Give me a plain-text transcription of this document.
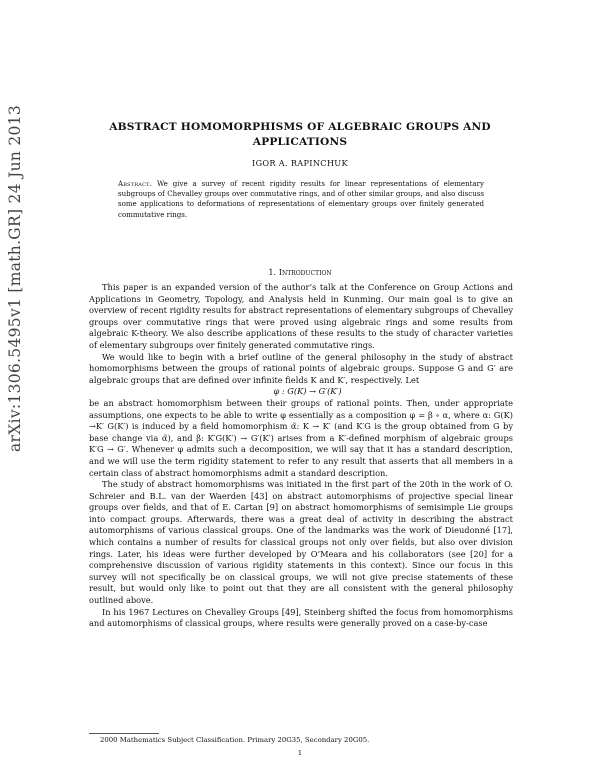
arXiv:1306.5495v1 [math.GR] 24 Jun 2013	ABSTRACT HOMOMORPHISMS OF ALGEBRAIC GROUPS AND APPLICATIONS
IGOR A. RAPINCHUK
Abstract. We give a survey of recent rigidity results for linear representations of elementary subgroups of Chevalley groups over commutative rings, and of other similar groups, and also discuss some applications to deformations of representations of elementary groups over finitely generated commutative rings.
1. Introduction

This paper is an expanded version of the author’s talk at the Conference on Group Actions and Applications in Geometry, Topology, and Analysis held in Kunming. Our main goal is to give an overview of recent rigidity results for abstract representations of elementary subgroups of Chevalley groups over commutative rings that were proved using algebraic rings and some results from algebraic K-theory. We also describe applications of these results to the study of character varieties of elementary subgroups over finitely generated commutative rings.

We would like to begin with a brief outline of the general philosophy in the study of abstract homomorphisms between the groups of rational points of algebraic groups. Suppose G and G′ are algebraic groups that are defined over infinite fields K and K′, respectively. Let

φ : G(K) → G′(K′)

be an abstract homomorphism between their groups of rational points. Then, under appropriate assumptions, one expects to be able to write φ essentially as a composition φ = β ∘ α, where α: G(K) →K′ G(K′) is induced by a field homomorphism α̃: K → K′ (and K′G is the group obtained from G by base change via α̃), and β: K′G(K′) → G′(K′) arises from a K′-defined morphism of algebraic groups K′G → G′. Whenever φ admits such a decomposition, we will say that it has a standard description, and we will use the term rigidity statement to refer to any result that asserts that all members in a certain class of abstract homomorphisms admit a standard description.

The study of abstract homomorphisms was initiated in the first part of the 20th in the work of O. Schreier and B.L. van der Waerden [43] on abstract automorphisms of projective special linear groups over fields, and that of E. Cartan [9] on abstract homomorphisms of semisimple Lie groups into compact groups. Afterwards, there was a great deal of activity in describing the abstract automorphisms of various classical groups. One of the landmarks was the work of Dieudonné [17], which contains a number of results for classical groups not only over fields, but also over division rings. Later, his ideas were further developed by O’Meara and his collaborators (see [20] for a comprehensive discussion of various rigidity statements in this context). Since our focus in this survey will not specifically be on classical groups, we will not give precise statements of these result, but would only like to point out that they are all consistent with the general philosophy outlined above.

In his 1967 Lectures on Chevalley Groups [49], Steinberg shifted the focus from homomorphisms and automorphisms of classical groups, where results were generally proved on a case-by-case

2000 Mathematics Subject Classification. Primary 20G35, Secondary 20G05.
1
